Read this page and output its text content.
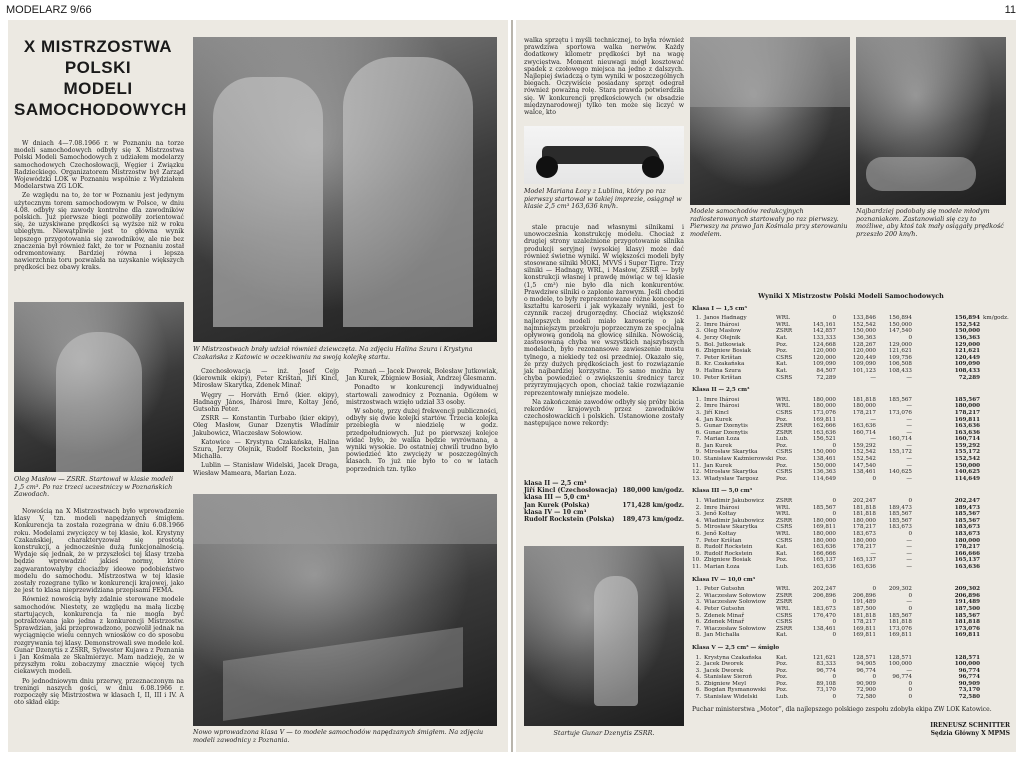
MODELARZ 9/66	11
X MISTRZOSTWA
POLSKI
MODELI
SAMOCHODOWYCH

W dniach 4—7.08.1966 r. w Poznaniu na torze modeli samochodowych odbyły się X Mistrzostwa Polski Modeli Samochodowych z udziałem modelarzy samochodowych Czechosłowacji, Węgier i Związku Radzieckiego. Organizatorem Mistrzostw był Zarząd Wojewódzki LOK w Poznaniu wspólnie z Wydziałem Modelarstwa ZG LOK.

Ze względu na to, że tor w Poznaniu jest jedynym użytecznym torem samochodowym w Polsce, w dniu 4.08. odbyły się zawody kontrolne dla zawodników polskich. Już pierwsze biegi pozwoliły zorientować się, że uzyskiwane prędkości są wyższe niż w roku ubiegłym. Niewątpliwie jest to główna wynik lepszego przygotowania się zawodników, ale nie bez znaczenia był również fakt, że tor w Poznaniu został odremontowany. Bardziej równa i lepsza nawierzchnia toru pozwalała na uzyskanie większych prędkości bez obawy kraks.

W Mistrzostwach brały udział również dziewczęta. Na zdjęciu Halina Szura i Krystyna Czakańska z Katowic w oczekiwaniu na swoją kolejkę startu.
Oleg Masłow — ZSRR. Startował w klasie modeli 1,5 cm³. Po raz trzeci uczestniczy w Poznańskich Zawodach.

Czechosłowacja — inż. Josef Cejp (kierownik ekipy), Peter Krištan, Jiří Kincl, Mirosław Skarytka, Zdenek Minař.

Węgry — Horváth Ernő (kier. ekipy), Hadnagy János, Ihárosi Imre, Koltay Jenő, Gutsohn Peter.

ZSRR — Konstantin Turbabo (kier ekipy), Oleg Masłow, Gunar Dzenytis Władimir Jakubowicz, Wiaczesław Sołowiow.

Katowice — Krystyna Czakańska, Halina Szura, Jerzy Olejnik, Rudolf Rockstein, Jan Michalła.

Lublin — Stanisław Widelski, Jacek Draga, Wiesław Mameara, Marian Łoza.

Poznań — Jacek Dworek, Bolesław Jutkowiak, Jan Kurek, Zbigniew Bosiak, Andrzej Glesmann.

Ponadto w konkurencji indywidualnej startowali zawodnicy z Poznania. Ogółem w mistrzostwach wzięło udział 33 osoby.

W sobotę, przy dużej frekwencji publiczności, odbyły się dwie kolejki startów. Trzecia kolejka przebiegła w niedzielę w godz. przedpołudniowych. Już po pierwszej kolejce widać było, że walka będzie wyrównana, a wyniki wysokie. Do ostatniej chwili trudno było powiedzieć kto zwycięży w poszczególnych klasach. To już nie było to co w latach poprzednich tzn. tylko

Nowością na X Mistrzostwach było wprowadzenie klasy V, tzn. modeli napędzanych śmigłem. Konkurencja ta została rozegrana w dniu 6.08.1966 roku. Modelami zwycięzcy w tej klasie, kol. Krystyny Czakańskiej, charakteryzował się prostotą konstrukcji, a jednocześnie dużą funkcjonalnością. Wydaje się jednak, że w przyszłości tej klasy trzeba będzie wprowadzić jakieś normy, które zagwarantowałyby chociażby ideowe podobieństwo modelu do samochodu. Mistrzostwa w tej klasie zostały rozegrane tylko w konkurencji krajowej, jako że jest to klasa nieprzewidziana przepisami FEMA.

Również nowością były zdalnie sterowane modele samochodów. Niestety, ze względu na małą liczbę startujących, konkurencja ta nie mogła być potraktowana jako jedna z konkurencji Mistrzostw. Sprawdzian, jaki przeprowadzono, pozwolił jednak na wyciągnięcie wielu cennych wniosków co do sposobu rozgrywania tej klasy. Demonstrowali swe modele kol. Gunar Dzenytis z ZSRR, Sylwester Kujawa z Poznania i Jan Kośmala ze Skalmierzyc. Mam nadzieję, że w przyszłym roku zobaczymy znacznie więcej tych ciekawych modeli.

Po jednodniowym dniu przerwy, przeznaczonym na treningi naszych gości, w dniu 6.08.1966 r. rozpoczęły się Mistrzostwa w klasach I, II, III i IV. A oto skład ekip:

Nowo wprowadzona klasa V — to modele samochodów napędzanych śmigłem. Na zdjęciu modeli zawodnicy z Poznania.
walka sprzętu i myśli technicznej, to była również prawdziwa sportowa walka nerwów. Każdy dodatkowy kilometr prędkości był na wagę zwycięstwa. Moment nieuwagi mógł kosztować spadek z czołowego miejsca na jedno z dalszych. Najlepiej świadczą o tym wyniki w poszczególnych biegach. Oczywiście posiadany sprzęt odegrał również poważną rolę. Stara prawda potwierdziła się. W konkurencji prędkościowych (w obsadzie międzynarodowej) tylko ten może się liczyć w walce, kto
Model Mariana Łozy z Lublina, który po raz pierwszy startował w takiej imprezie, osiągnął w klasie 2,5 cm³ 163,636 km/h.

stale pracuje nad własnymi silnikami i unowocześnia konstrukcję modelu. Chociaż z drugiej strony uzależnione przygotowanie silnika produkcji seryjnej (wysokiej klasy) może dać również świetne wyniki. W większości modeli były stosowane silniki MOKI, MVVS i Super Tigre. Trzy silniki — Hadnagy, WRL, i Masłow, ZSRR — były konstrukcji własnej i prawdę mówiąc w tej klasie (1,5 cm³) nie było dla nich konkurentów. Prawdziwe silniki o zaplonie żarowym. Jeśli chodzi o modele, to były reprezentowane różne koncepcje kształtu karoserii i jak wykazały wyniki, jest to czynnik raczej drugorzędny. Chociaż większość najlepszych modeli miało karoserię o jak najmniejszym przekroju poprzecznym ze specjalną opływową gondolą na głowicę silnika. Nowością, zastosowaną chyba we wszystkich najszybszych modelach, było rezonansowe zawieszenie mostu tylnego, a niekiedy też osi przedniej. Okazało się, że przy dużych prędkościach jest to rozwiązanie jak najbardziej korzystne. To samo można by chyba powiedzieć o zwiększeniu średnicy tarcz przyrzymujących opon, chociaż takie rozwiązanie reprezentowały mniejsze modele.

Na zakończenie zawodów odbyły się próby bicia rekordów krajowych przez zawodników czechosłowackich i polskich. Ustanowione zostały następujące nowe rekordy:

klasa II — 2,5 cm³
Jiří Kincl (Czechosłowacja) 180,000 km/godz.
klasa III — 5,0 cm³
Jan Kurek (Polska)	171,428 km/godz.
klasa IV — 10 cm³
Rudolf Rockstein (Polska) 189,473 km/godz.
Startuje Gunar Dzenytis ZSRR.
Modele samochodów redukcyjnych radiosterowanych startowały po raz pierwszy. Pierwszy na prawo Jan Kośmala przy sterowaniu modelem.
Najbardziej podobały się modele młodym poznaniakom. Zastanowiali się czy to możliwe, aby ktoś tak mały osiągały prędkość przeszło 200 km/h.
Wyniki X Mistrzostw Polski Modeli Samochodowych
Klasa I — 1,5 cm³
1. Janos Hadnagy	WRL	0	133,846	156,894	156,894 km/godz.
2. Imre Ihárosi	WRL	145,161	152,542	150,000	152,542
3. Oleg Masłow	ZSRR	142,857	150,000	147,540	150,000
4. Jerzy Olejnik	Kat.	133,333	136,363	0	136,363
5. Bol. Jutkowiak	Poz.	124,668	128,267	129,000	129,000
6. Zbigniew Bosiak	Poz.	120,000	120,000	121,621	121,621
7. Peter Krištan	CSRS	120,000	120,449	109,756	120,449
8. Kr. Czakańska	Kat.	109,090	109,090	106,508	109,090
9. Halina Szura	Kat.	84,507	101,123	108,433	108,433
10. Peter Krištan	CSRS	72,289	—	—	72,289
Klasa II — 2,5 cm³
1. Imre Ihárosi	WRL	180,000	181,818	185,567	185,567
2. Imre Ihárosi	WRL	180,000	180,000	—	180,000
3. Jiří Kincl	CSRS	173,076	178,217	173,076	178,217
4. Jan Kurek	Poz.	169,811	—	—	169,811
5. Gunar Dzenytis	ZSRR	162,666	163,636	—	163,636
6. Gunar Dzenytis	ZSRR	163,636	160,714	—	163,636
7. Marian Łoza	Lub.	156,521	—	160,714	160,714
8. Jan Kurek	Poz.	0	159,292	—	159,292
9. Mirosław Skarytka	CSRS	150,000	152,542	155,172	155,172
10. Stanisław Kaźmierowski Poz.	138,461	152,542	—	152,542
11. Jan Kurek	Poz.	150,000	147,540	—	150,000
12. Mirosław Skarytka	CSRS	136,363	138,461	140,625	140,625
13. Władysław Targosz	Poz.	114,649	0	—	114,649
Klasa III — 5,0 cm³
1. Władimir Jakubowicz	ZSRR	0	202,247	0	202,247
2. Imre Ihárosi	WRL	185,567	181,818	189,473	189,473
3. Jenő Koltay	WRL	0	181,818	185,567	185,567
4. Władimir Jakubowicz	ZSRR	180,000	180,000	185,567	185,567
5. Mirosław Skarytka	CSRS	169,811	178,217	183,673	183,673
6. Jenő Koltay	WRL	180,000	183,673	0	183,673
7. Peter Krištan	CSRS	180,000	180,000	—	180,000
8. Rudolf Rockstein	Kat.	163,636	178,217	—	178,217
9. Rudolf Rockstein	Kat.	166,666	—	—	166,666
10. Zbigniew Bosiak	Poz.	165,137	165,137	—	165,137
11. Marian Łoza	Lub.	163,636	163,636	—	163,636
Klasa IV — 10,0 cm³
1. Peter Gutsohn	WRL	202,247	0	209,302	209,302
2. Wiaczesław Sołowiow	ZSRR	206,896	206,896	0	206,896
3. Wiaczesław Sołowiow	ZSRR	0	191,489	—	191,489
4. Peter Gutsohn	WRL	183,673	187,500	0	187,500
5. Zdenek Minař	CSRS	176,470	181,818	185,567	185,567
6. Zdenek Minař	CSRS	0	178,217	181,818	181,818
7. Wiaczesław Sołowiow	ZSRR	138,461	169,811	173,076	173,076
8. Jan Michalła	Kat.	0	169,811	169,811	169,811
Klasa V — 2,5 cm³ — śmigło
1. Krystyna Czakańska	Kat.	121,621	128,571	128,571	128,571
2. Jacek Dworek	Poz.	83,333	94,905	100,000	100,000
3. Jacek Dworek	Poz.	96,774	96,774	—	96,774
4. Stanisław Sieroń	Poz.	0	0	96,774	96,774
5. Zbigniew Meyl	Poz.	89,108	90,909	0	90,909
6. Bogdan Rysmanowski	Poz.	73,170	72,900	0	73,170
7. Stanisław Widelski	Lub.	0	72,580	0	72,580
Puchar ministerstwa „Motor”, dla najlepszego polskiego zespołu zdobyła ekipa ZW LOK Katowice.
IRENEUSZ SCHNITTER
Sędzia Główny X MPMS
